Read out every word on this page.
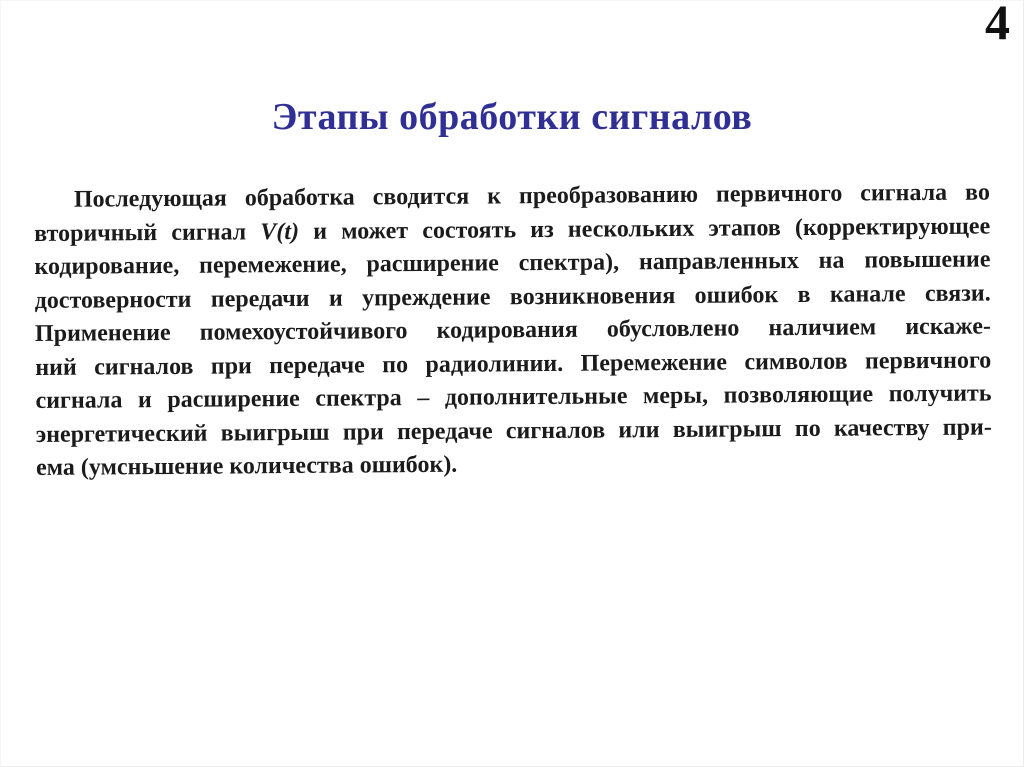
4
Этапы обработки сигналов
Последующая обработка сводится к преобразованию первичного сигнала во
вторичный сигнал V(t) и может состоять из нескольких этапов (корректирующее
кодирование, перемежение, расширение спектра), направленных на повышение
достоверности передачи и упреждение возникновения ошибок в канале связи.
Применение помехоустойчивого кодирования обусловлено наличием искаже-
ний сигналов при передаче по радиолинии. Перемежение символов первичного
сигнала и расширение спектра – дополнительные меры, позволяющие получить
энергетический выигрыш при передаче сигналов или выигрыш по качеству при-
ема (умсньшение количества ошибок).
